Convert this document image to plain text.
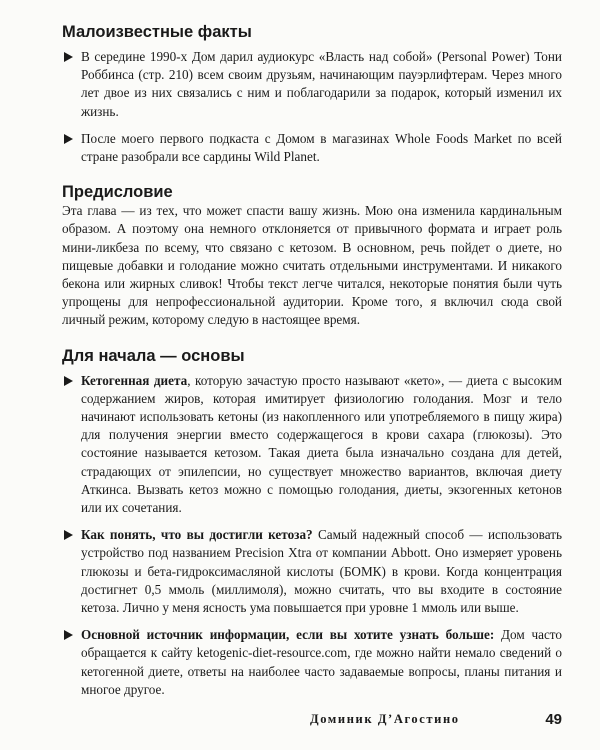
Малоизвестные факты
В середине 1990-х Дом дарил аудиокурс «Власть над собой» (Personal Power) Тони Роббинса (стр. 210) всем своим друзьям, начинающим пауэрлифтерам. Через много лет двое из них связались с ним и поблагодарили за подарок, который изменил их жизнь.
После моего первого подкаста с Домом в магазинах Whole Foods Market по всей стране разобрали все сардины Wild Planet.
Предисловие

Эта глава — из тех, что может спасти вашу жизнь. Мою она изменила кардинальным образом. А поэтому она немного отклоняется от привычного формата и играет роль мини-ликбеза по всему, что связано с кетозом. В основном, речь пойдет о диете, но пищевые добавки и голодание можно считать отдельными инструментами. И никакого бекона или жирных сливок! Чтобы текст легче читался, некоторые понятия были чуть упрощены для непрофессиональной аудитории. Кроме того, я включил сюда свой личный режим, которому следую в настоящее время.

Для начала — основы
Кетогенная диета, которую зачастую просто называют «кето», — диета с высоким содержанием жиров, которая имитирует физиологию голодания. Мозг и тело начинают использовать кетоны (из накопленного или употребляемого в пищу жира) для получения энергии вместо содержащегося в крови сахара (глюкозы). Это состояние называется кетозом. Такая диета была изначально создана для детей, страдающих от эпилепсии, но существует множество вариантов, включая диету Аткинса. Вызвать кетоз можно с помощью голодания, диеты, экзогенных кетонов или их сочетания.
Как понять, что вы достигли кетоза? Самый надежный способ — использовать устройство под названием Precision Xtra от компании Abbott. Оно измеряет уровень глюкозы и бета-гидроксимасляной кислоты (БОМК) в крови. Когда концентрация достигнет 0,5 ммоль (миллимоля), можно считать, что вы входите в состояние кетоза. Лично у меня ясность ума повышается при уровне 1 ммоль или выше.
Основной источник информации, если вы хотите узнать больше: Дом часто обращается к сайту ketogenic-diet-resource.com, где можно найти немало сведений о кетогенной диете, ответы на наиболее часто задаваемые вопросы, планы питания и многое другое.
Доминик Д’Агостино	49
